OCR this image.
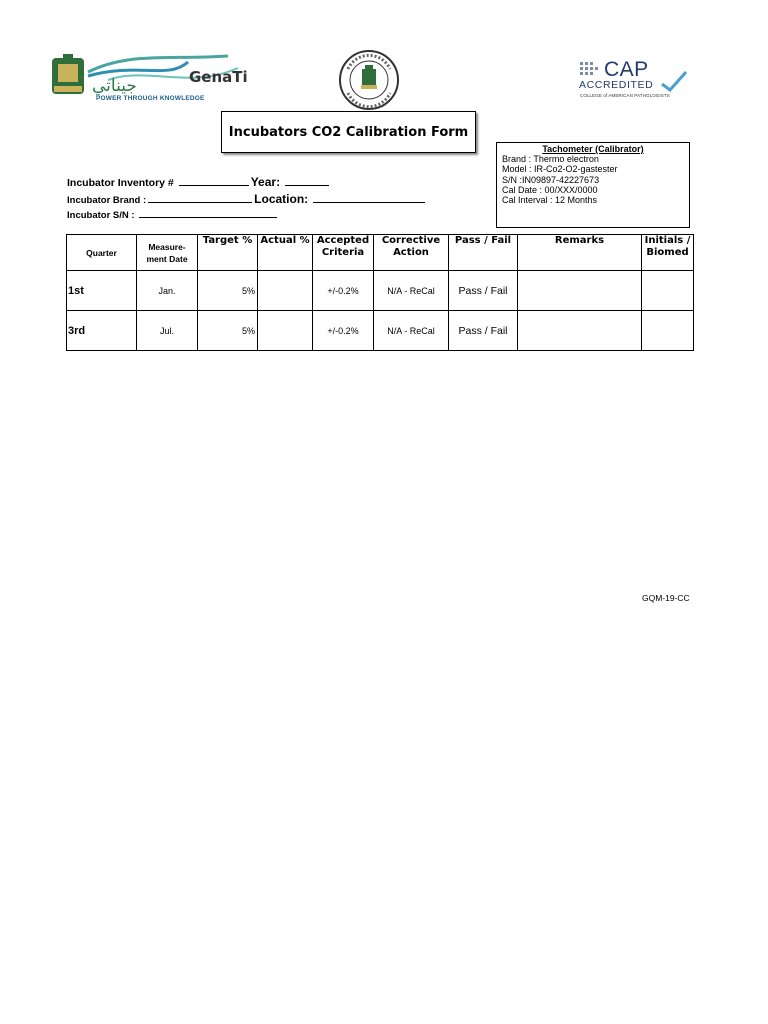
جيناتي	GenaTi
POWER THROUGH KNOWLEDGE
CAP
ACCREDITED
COLLEGE of AMERICAN PATHOLOGISTS
Incubators CO2 Calibration Form
Tachometer (Calibrator)
Brand : Thermo electron
Model : IR-Co2-O2-gastester
S/N :IN09897-42227673
Cal Date : 00/XXX/0000
Cal Interval : 12 Months
Incubator Inventory #	Year:
Incubator Brand :	Location:
Incubator S/N :
Quarter	Measure-
ment Date	Target %	Actual %	Accepted Criteria	Corrective Action	Pass / Fail	Remarks	Initials / Biomed
1st	Jan.	5%		+/-0.2%	N/A - ReCal	Pass / Fail		
3rd	Jul.	5%		+/-0.2%	N/A - ReCal	Pass / Fail		
GQM-19-CC
